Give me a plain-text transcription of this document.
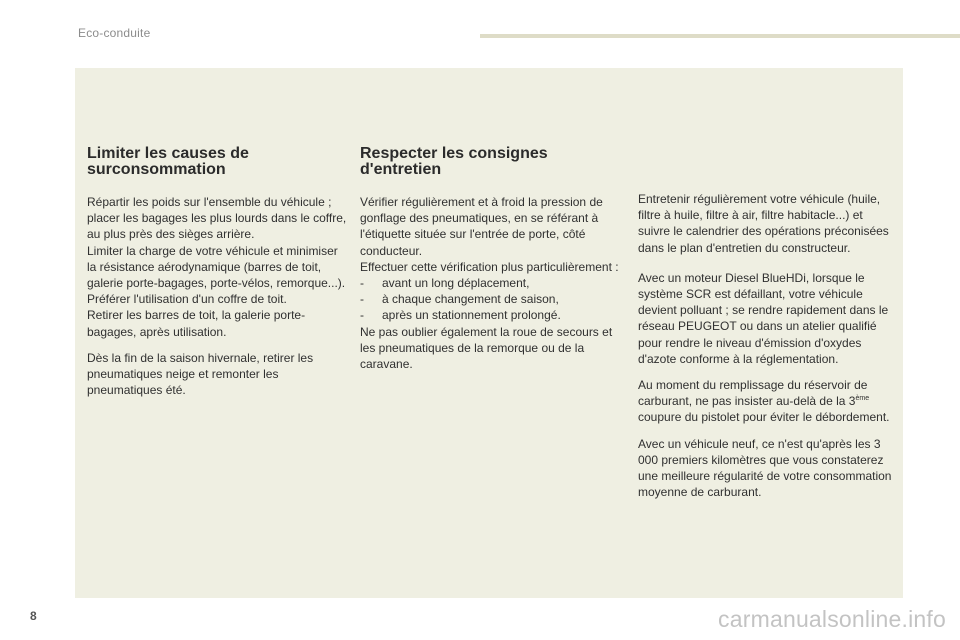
Eco-conduite
Limiter les causes de
surconsommation

Répartir les poids sur l'ensemble du véhicule ; placer les bagages les plus lourds dans le coffre, au plus près des sièges arrière.
Limiter la charge de votre véhicule et minimiser la résistance aérodynamique (barres de toit, galerie porte-bagages, porte-vélos, remorque...). Préférer l'utilisation d'un coffre de toit.
Retirer les barres de toit, la galerie porte-bagages, après utilisation.

Dès la fin de la saison hivernale, retirer les pneumatiques neige et remonter les pneumatiques été.

Respecter les consignes
d'entretien
Vérifier régulièrement et à froid la pression de gonflage des pneumatiques, en se référant à l'étiquette située sur l'entrée de porte, côté conducteur.
Effectuer cette vérification plus particulièrement :
- avant un long déplacement,
- à chaque changement de saison,
- après un stationnement prolongé.
Ne pas oublier également la roue de secours et les pneumatiques de la remorque ou de la caravane.

Entretenir régulièrement votre véhicule (huile, filtre à huile, filtre à air, filtre habitacle...) et suivre le calendrier des opérations préconisées dans le plan d'entretien du constructeur.

Avec un moteur Diesel BlueHDi, lorsque le système SCR est défaillant, votre véhicule devient polluant ; se rendre rapidement dans le réseau PEUGEOT ou dans un atelier qualifié pour rendre le niveau d'émission d'oxydes d'azote conforme à la réglementation.

Au moment du remplissage du réservoir de carburant, ne pas insister au-delà de la 3ème coupure du pistolet pour éviter le débordement.

Avec un véhicule neuf, ce n'est qu'après les 3 000 premiers kilomètres que vous constaterez une meilleure régularité de votre consommation moyenne de carburant.

8	carmanualsonline.info
